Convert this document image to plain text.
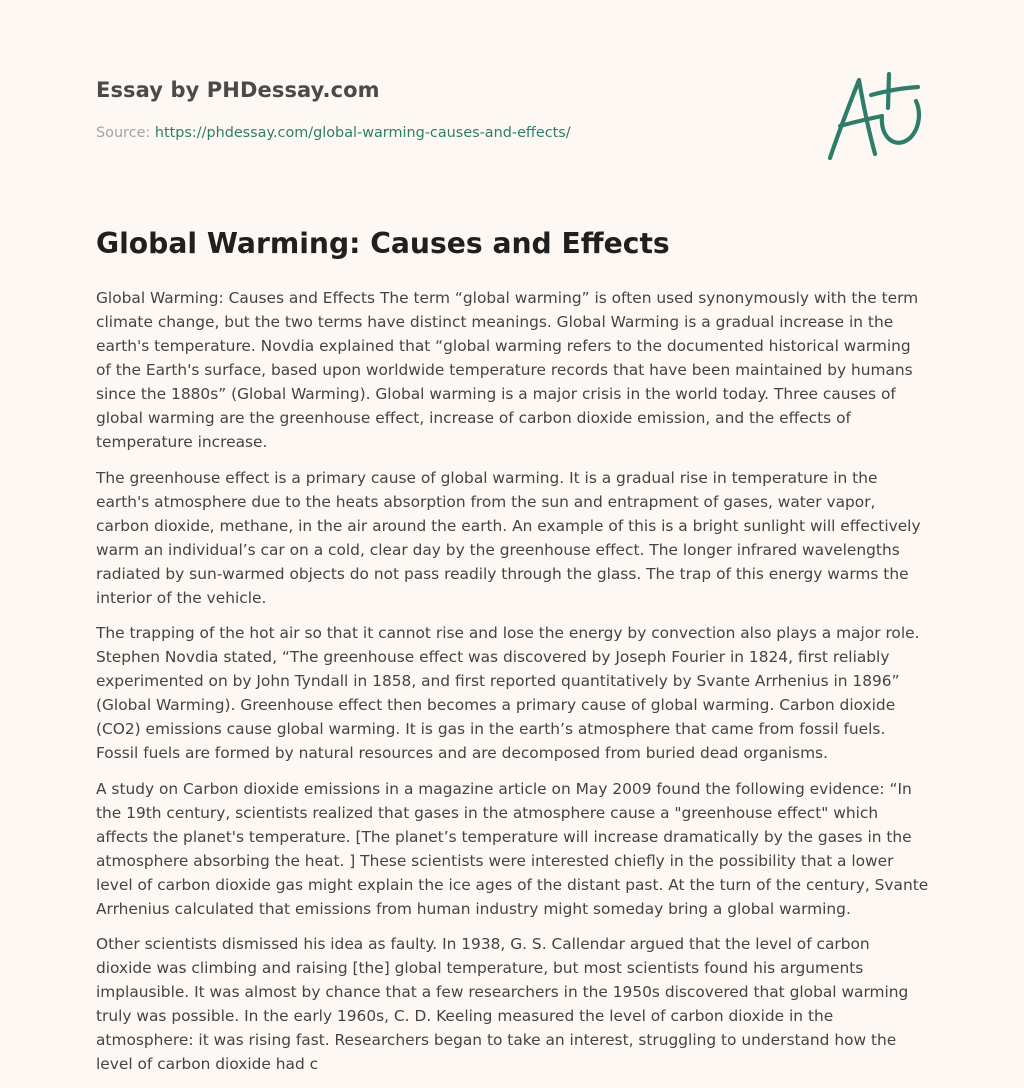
Essay by PHDessay.com

Source: https://phdessay.com/global-warming-causes-and-effects/

Global Warming: Causes and Effects

Global Warming: Causes and Effects The term “global warming” is often used synonymously with the term climate change, but the two terms have distinct meanings. Global Warming is a gradual increase in the earth's temperature. Novdia explained that “global warming refers to the documented historical warming of the Earth's surface, based upon worldwide temperature records that have been maintained by humans since the 1880s” (Global Warming). Global warming is a major crisis in the world today. Three causes of global warming are the greenhouse effect, increase of carbon dioxide emission, and the effects of temperature increase.

The greenhouse effect is a primary cause of global warming. It is a gradual rise in temperature in the earth's atmosphere due to the heats absorption from the sun and entrapment of gases, water vapor, carbon dioxide, methane, in the air around the earth. An example of this is a bright sunlight will effectively warm an individual’s car on a cold, clear day by the greenhouse effect. The longer infrared wavelengths radiated by sun-warmed objects do not pass readily through the glass. The trap of this energy warms the interior of the vehicle.

The trapping of the hot air so that it cannot rise and lose the energy by convection also plays a major role. Stephen Novdia stated, “The greenhouse effect was discovered by Joseph Fourier in 1824, first reliably experimented on by John Tyndall in 1858, and first reported quantitatively by Svante Arrhenius in 1896” (Global Warming). Greenhouse effect then becomes a primary cause of global warming. Carbon dioxide (CO2) emissions cause global warming. It is gas in the earth’s atmosphere that came from fossil fuels. Fossil fuels are formed by natural resources and are decomposed from buried dead organisms.

A study on Carbon dioxide emissions in a magazine article on May 2009 found the following evidence: “In the 19th century, scientists realized that gases in the atmosphere cause a "greenhouse effect" which affects the planet's temperature. [The planet’s temperature will increase dramatically by the gases in the atmosphere absorbing the heat. ] These scientists were interested chiefly in the possibility that a lower level of carbon dioxide gas might explain the ice ages of the distant past. At the turn of the century, Svante Arrhenius calculated that emissions from human industry might someday bring a global warming.

Other scientists dismissed his idea as faulty. In 1938, G. S. Callendar argued that the level of carbon dioxide was climbing and raising [the] global temperature, but most scientists found his arguments implausible. It was almost by chance that a few researchers in the 1950s discovered that global warming truly was possible. In the early 1960s, C. D. Keeling measured the level of carbon dioxide in the atmosphere: it was rising fast. Researchers began to take an interest, struggling to understand how the level of carbon dioxide had c
